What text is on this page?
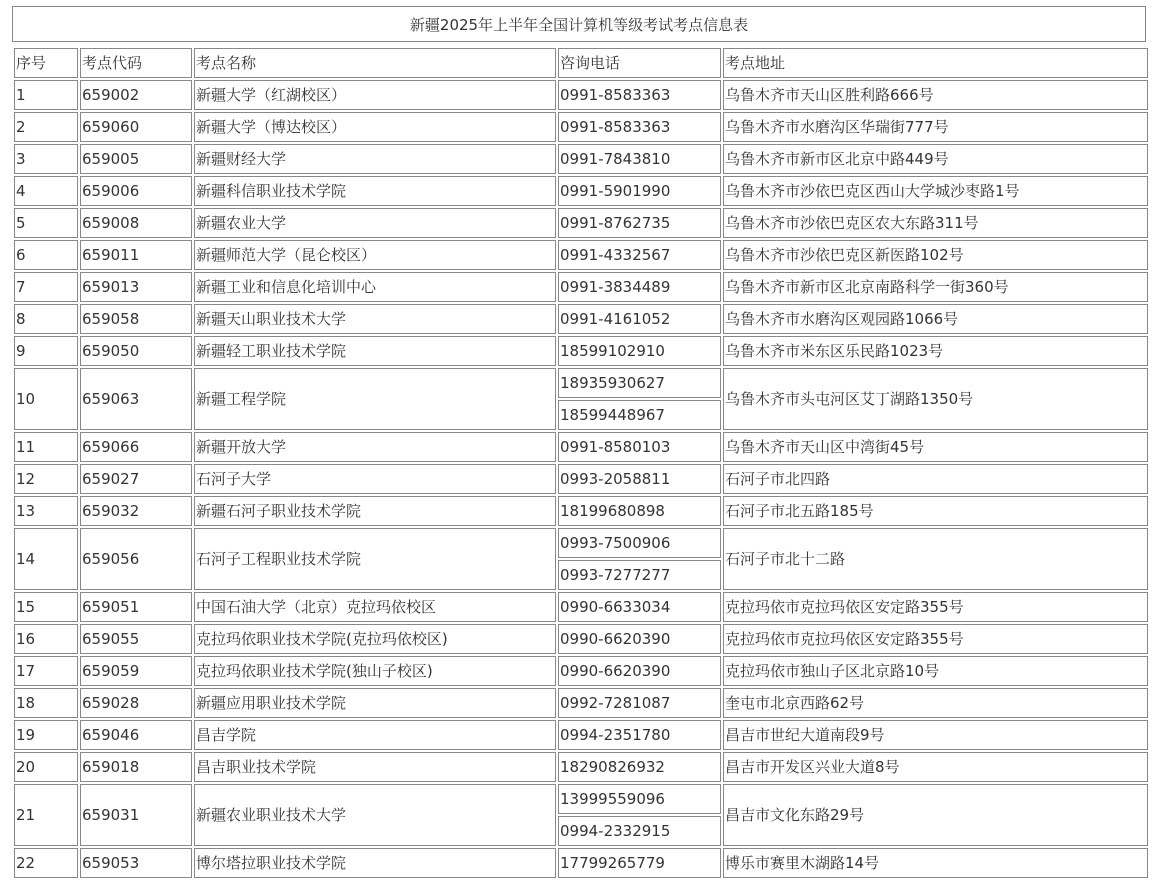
新疆2025年上半年全国计算机等级考试考点信息表
序号	考点代码	考点名称	咨询电话	考点地址
1	659002	新疆大学（红湖校区）	0991-8583363	乌鲁木齐市天山区胜利路666号
2	659060	新疆大学（博达校区）	0991-8583363	乌鲁木齐市水磨沟区华瑞街777号
3	659005	新疆财经大学	0991-7843810	乌鲁木齐市新市区北京中路449号
4	659006	新疆科信职业技术学院	0991-5901990	乌鲁木齐市沙依巴克区西山大学城沙枣路1号
5	659008	新疆农业大学	0991-8762735	乌鲁木齐市沙依巴克区农大东路311号
6	659011	新疆师范大学（昆仑校区）	0991-4332567	乌鲁木齐市沙依巴克区新医路102号
7	659013	新疆工业和信息化培训中心	0991-3834489	乌鲁木齐市新市区北京南路科学一街360号
8	659058	新疆天山职业技术大学	0991-4161052	乌鲁木齐市水磨沟区观园路1066号
9	659050	新疆轻工职业技术学院	18599102910	乌鲁木齐市米东区乐民路1023号
10	659063	新疆工程学院	18935930627	乌鲁木齐市头屯河区艾丁湖路1350号
			18599448967	
11	659066	新疆开放大学	0991-8580103	乌鲁木齐市天山区中湾街45号
12	659027	石河子大学	0993-2058811	石河子市北四路
13	659032	新疆石河子职业技术学院	18199680898	石河子市北五路185号
14	659056	石河子工程职业技术学院	0993-7500906	石河子市北十二路
			0993-7277277	
15	659051	中国石油大学（北京）克拉玛依校区	0990-6633034	克拉玛依市克拉玛依区安定路355号
16	659055	克拉玛依职业技术学院(克拉玛依校区)	0990-6620390	克拉玛依市克拉玛依区安定路355号
17	659059	克拉玛依职业技术学院(独山子校区)	0990-6620390	克拉玛依市独山子区北京路10号
18	659028	新疆应用职业技术学院	0992-7281087	奎屯市北京西路62号
19	659046	昌吉学院	0994-2351780	昌吉市世纪大道南段9号
20	659018	昌吉职业技术学院	18290826932	昌吉市开发区兴业大道8号
21	659031	新疆农业职业技术大学	13999559096	昌吉市文化东路29号
			0994-2332915	
22	659053	博尔塔拉职业技术学院	17799265779	博乐市赛里木湖路14号
